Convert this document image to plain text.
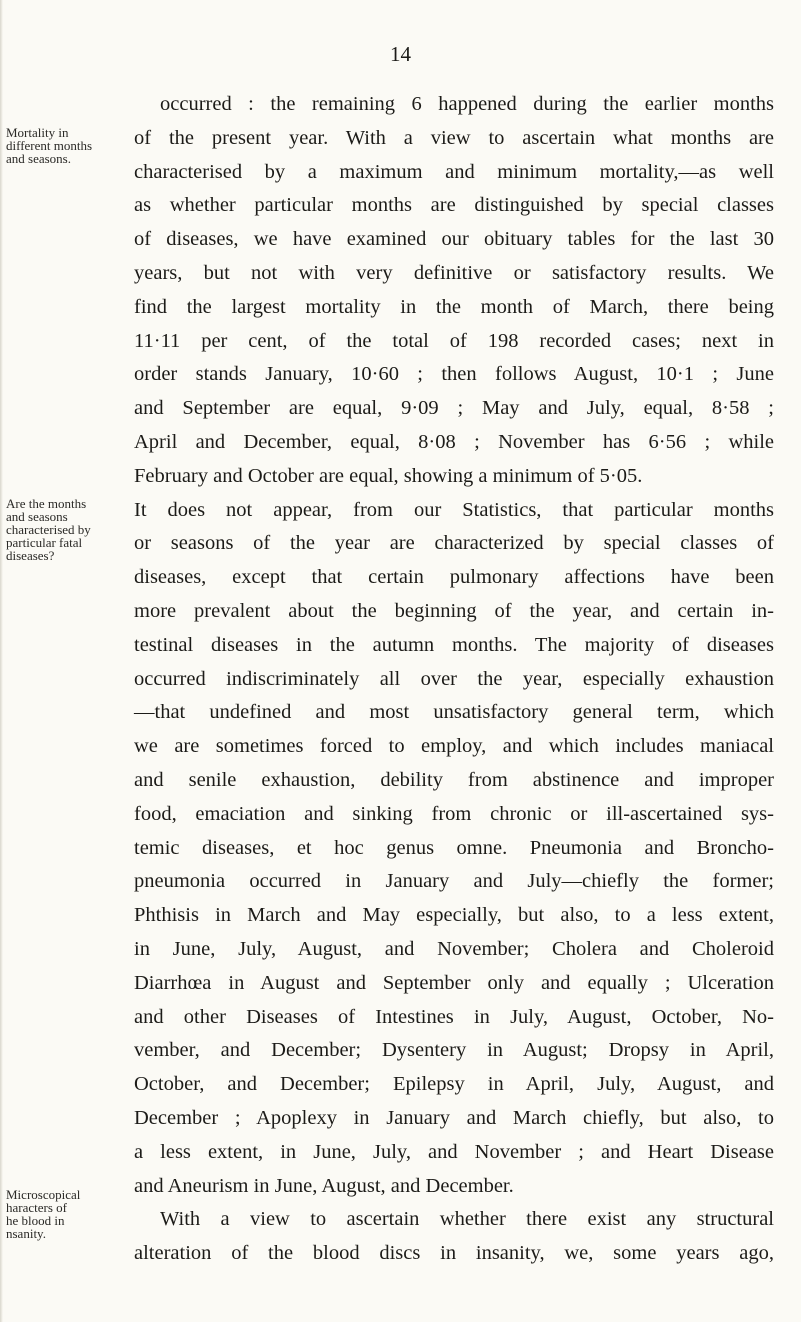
14
Mortality in
different months
and seasons.
Are the months
and seasons
characterised by
particular fatal
diseases?
Microscopical
haracters of
he blood in
nsanity.
occurred : the remaining 6 happened during the earlier months
of the present year. With a view to ascertain what months are
characterised by a maximum and minimum mortality,—as well
as whether particular months are distinguished by special classes
of diseases, we have examined our obituary tables for the last 30
years, but not with very definitive or satisfactory results. We
find the largest mortality in the month of March, there being
11·11 per cent, of the total of 198 recorded cases; next in
order stands January, 10·60 ; then follows August, 10·1 ; June
and September are equal, 9·09 ; May and July, equal, 8·58 ;
April and December, equal, 8·08 ; November has 6·56 ; while
February and October are equal, showing a minimum of 5·05.
It does not appear, from our Statistics, that particular months
or seasons of the year are characterized by special classes of
diseases, except that certain pulmonary affections have been
more prevalent about the beginning of the year, and certain in-
testinal diseases in the autumn months. The majority of diseases
occurred indiscriminately all over the year, especially exhaustion
—that undefined and most unsatisfactory general term, which
we are sometimes forced to employ, and which includes maniacal
and senile exhaustion, debility from abstinence and improper
food, emaciation and sinking from chronic or ill-ascertained sys-
temic diseases, et hoc genus omne. Pneumonia and Broncho-
pneumonia occurred in January and July—chiefly the former;
Phthisis in March and May especially, but also, to a less extent,
in June, July, August, and November; Cholera and Choleroid
Diarrhœa in August and September only and equally ; Ulceration
and other Diseases of Intestines in July, August, October, No-
vember, and December; Dysentery in August; Dropsy in April,
October, and December; Epilepsy in April, July, August, and
December ; Apoplexy in January and March chiefly, but also, to
a less extent, in June, July, and November ; and Heart Disease
and Aneurism in June, August, and December.
With a view to ascertain whether there exist any structural
alteration of the blood discs in insanity, we, some years ago,
